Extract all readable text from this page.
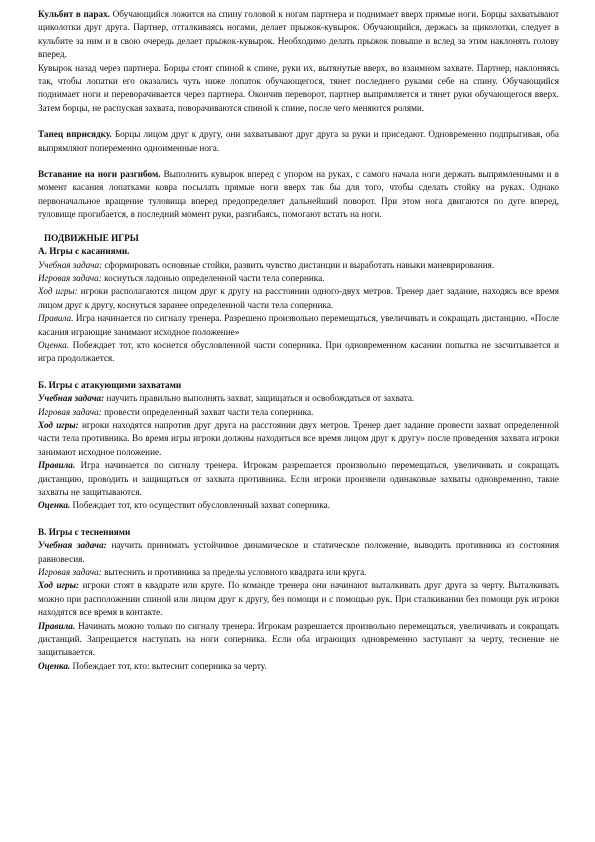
Кульбит в парах. Обучающийся ложится на спину головой к ногам партнера и поднимает вверх прямые ноги. Борцы захватывают щиколотки друг друга. Партнер, отталкиваясь ногами, делает прыжок-кувырок. Обучающийся, держась за щиколотки, следует в кульбите за ним и в свою очередь делает прыжок-кувырок. Необходимо делать прыжок повыше и вслед за этим наклонять голову вперед.

Кувырок назад через партнера. Борцы стоят спиной к спине, руки их, вытянутые вверх, во взаимном захвате. Партнер, наклоняясь так, чтобы лопатки его оказались чуть ниже лопаток обучающегося, тянет последнего руками себе на спину. Обучающийся поднимает ноги и переворачивается через партнера. Окончив переворот, партнер выпрямляется и тянет руки обучающегося вверх. Затем борцы, не распуская захвата, поворачиваются спиной к спине, после чего меняются ролями.

Танец вприсядку. Борцы лицом друг к другу, они захватывают друг друга за руки и приседают. Одновременно подпрыгивая, оба выпрямляют попеременно одноименные нога.

Вставание на ноги разгибом. Выполнить кувырок вперед с упором на руках, с самого начала ноги держать выпрямленными и в момент касания лопатками ковра посылать прямые ноги вверх так бы для того, чтобы сделать стойку на руках. Однако первоначальное вращение туловища вперед предопределяет дальнейший поворот. При этом нога двигаются по дуге вперед, туловище прогибается, в последний момент руки, разгибаясь, помогают встать на ноги.

ПОДВИЖНЫЕ ИГРЫ

А. Игры с касаниями.

Учебная задача: сформировать основные стойки, развить чувство дистанции и выработать навыки маневрирования.

Игровая задача: коснуться ладонью определенной части тела соперника.

Ход игры: игроки располагаются лицом друг к другу на расстоянии одного-двух метров. Тренер дает задание, находясь все время лицом друг к другу, коснуться заранее определенной части тела соперника.

Правила. Игра начинается по сигналу тренера. Разрешено произвольно перемещаться, увеличивать и сокращать дистанцию. «После касания играющие занимают исходное положение»

Оценка. Побеждает тот, кто коснется обусловленной части соперника. При одновременном касании попытка не засчитывается и игра продолжается.

Б. Игры с атакующими захватами

Учебная задача: научить правильно выполнять захват, защищаться и освобождаться от захвата.

Игровая задача: провести определенный захват части тела соперника.

Ход игры: игроки находятся напротив друг друга на расстоянии двух метров. Тренер дает задание провести захват определенной части тела противника. Во время игры игроки должны находиться все время лицом друг к другу» после проведения захвата игроки занимают исходное положение.

Правила. Игра начинается по сигналу тренера. Игрокам разрешается произвольно перемещаться, увеличивать и сокращать дистанцию, проводить и защищаться от захвата противника. Если игроки произвели одинаковые захваты одновременно, такие захваты не защитываются.

Оценка. Побеждает тот, кто осуществит обусловленный захват соперника.

В. Игры с теснениями

Учебная задача: научить принимать устойчивое динамическое и статическое положение, выводить противника из состояния равновесия.

Игровая задача: вытеснить и противника за пределы условного квадрата или круга.

Ход игры: игроки стоят в квадрате или круге. По команде тренера они начинают выталкивать друг друга за черту. Выталкивать можно при расположении спиной или лицом друг к другу, без помощи и с помощью рук. При сталкивании без помощи рук игроки находятся все время в контакте.

Правила. Начинать можно только по сигналу тренера. Игрокам разрешается произвольно перемещаться, увеличивать и сокращать дистанций. Запрещается наступать на ноги соперника. Если оба играющих одновременно заступают за черту, теснение не защитывается.

Оценка. Побеждает тот, кто: вытеснит соперника за черту.
